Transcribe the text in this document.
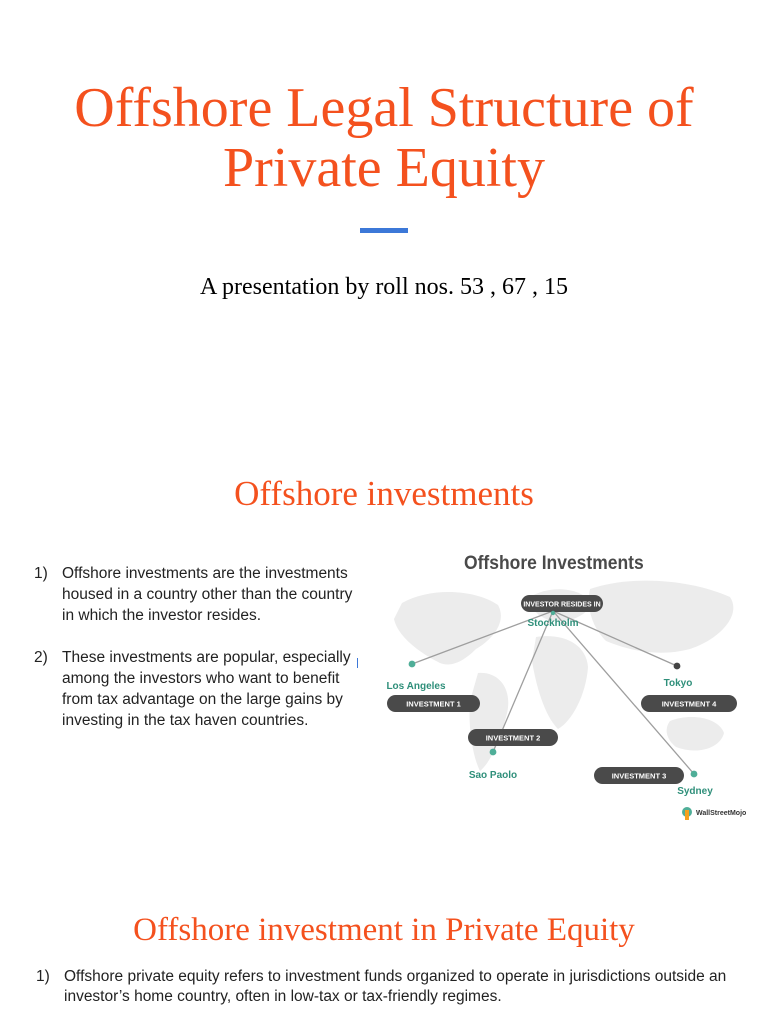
Offshore Legal Structure of
Private Equity
A presentation by roll nos. 53 , 67 , 15
Offshore investments
1) Offshore investments are the investments housed in a country other than the country in which the investor resides.
2) These investments are popular, especially among the investors who want to benefit from tax advantage on the large gains by investing in the tax haven countries.
Los Angeles
INVESTMENT 1
Tokyo
INVESTMENT 4
Sao Paolo
INVESTMENT 2
Sydney
INVESTMENT 3
INVESTOR RESIDES IN
Stockholm
WallStreetMojo
Offshore Investments
Offshore investment in Private Equity
1) Offshore private equity refers to investment funds organized to operate in jurisdictions outside an investor’s home country, often in low-tax or tax-friendly regimes.
